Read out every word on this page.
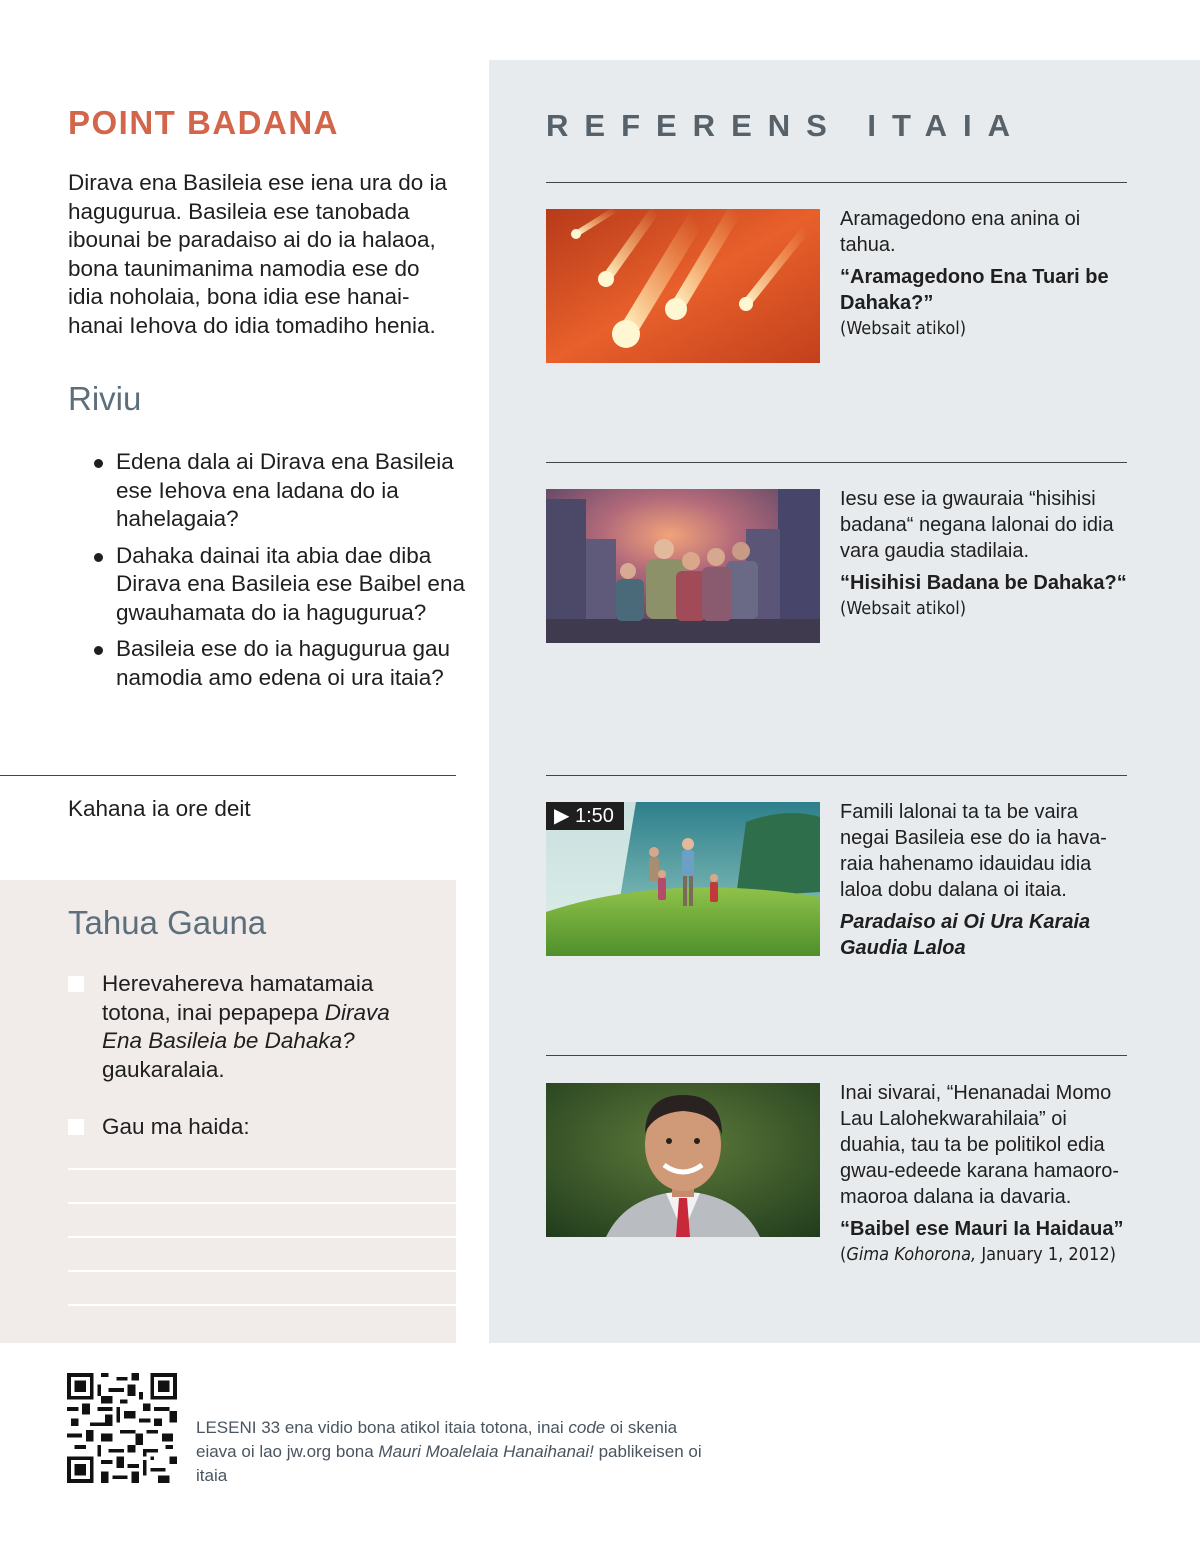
POINT BADANA

Dirava ena Basileia ese iena ura do ia hagugurua. Basileia ese tanobada ibounai be paradaiso ai do ia halaoa, bona taunimanima namodia ese do idia noholaia, bona idia ese hanai-hanai Iehova do idia tomadiho henia.

Riviu
Edena dala ai Dirava ena Basileia ese Iehova ena ladana do ia hahelagaia?
Dahaka dainai ita abia dae diba Dirava ena Basileia ese Baibel ena gwauhamata do ia hagugurua?
Basileia ese do ia hagugurua gau namodia amo edena oi ura itaia?

Kahana ia ore deit

Tahua Gauna
Herevahereva hamatamaia totona, inai pepapepa Dirava Ena Basileia be Dahaka? gaukaralaia.
Gau ma haida:
REFERENS ITAIA

Aramagedono ena anina oi tahua.

“Aramagedono Ena Tuari be Dahaka?”

(Websait atikol)

Iesu ese ia gwauraia “hisihisi badana“ negana lalonai do idia vara gaudia stadilaia.

“Hisihisi Badana be Dahaka?“

(Websait atikol)

▶ 1:50	Famili lalonai ta ta be vaira negai Basileia ese do ia hava-raia hahenamo idauidau idia laloa dobu dalana oi itaia.

Paradaiso ai Oi Ura Karaia Gaudia Laloa

Inai sivarai, “Henanadai Momo Lau Lalohekwarahilaia” oi duahia, tau ta be politikol edia gwau-edeede karana hamaoro-maoroa dalana ia davaria.

“Baibel ese Mauri Ia Haidaua”

(Gima Kohorona, January 1, 2012)

LESENI 33 ena vidio bona atikol itaia totona, inai code oi skenia eiava oi lao jw.org bona Mauri Moalelaia Hanaihanai! pablikeisen oi itaia
